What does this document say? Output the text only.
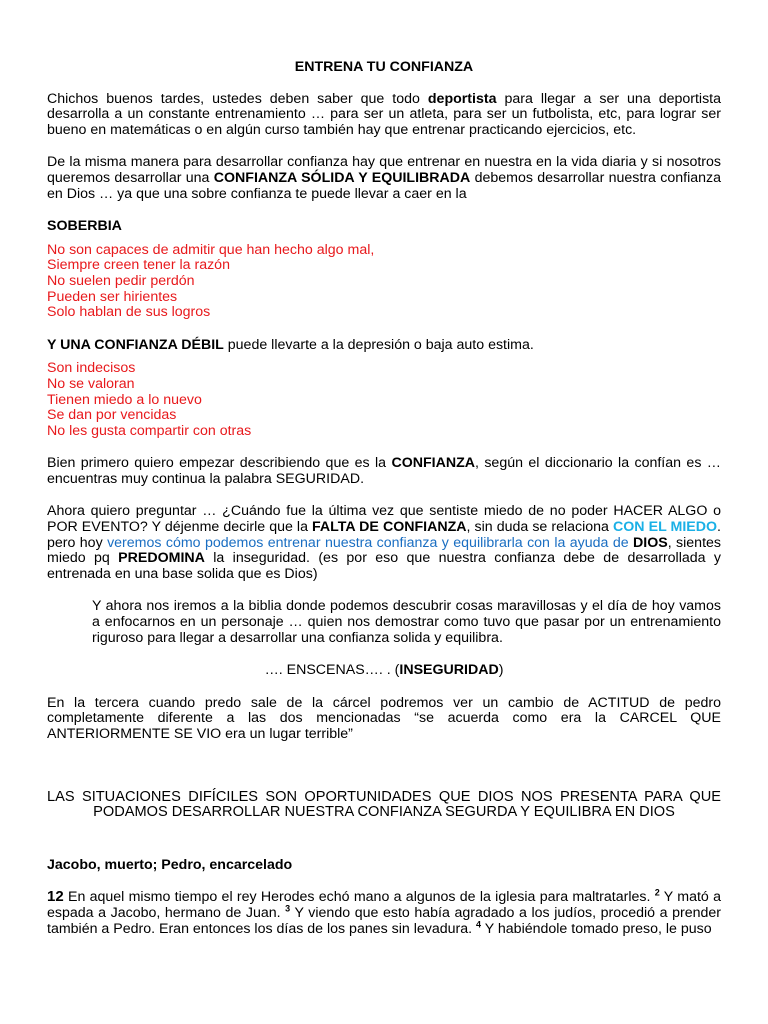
ENTRENA TU CONFIANZA

Chichos buenos tardes, ustedes deben saber que todo deportista para llegar a ser una deportista desarrolla a un constante entrenamiento … para ser un atleta, para ser un futbolista, etc, para lograr ser bueno en matemáticas o en algún curso también hay que entrenar practicando ejercicios, etc.

De la misma manera para desarrollar confianza hay que entrenar en nuestra en la vida diaria y si nosotros queremos desarrollar una CONFIANZA SÓLIDA Y EQUILIBRADA debemos desarrollar nuestra confianza en Dios … ya que una sobre confianza te puede llevar a caer en la

SOBERBIA
No son capaces de admitir que han hecho algo mal,
Siempre creen tener la razón
No suelen pedir perdón
Pueden ser hirientes
Solo hablan de sus logros

Y UNA CONFIANZA DÉBIL puede llevarte a la depresión o baja auto estima.

Son indecisos
No se valoran
Tienen miedo a lo nuevo
Se dan por vencidas
No les gusta compartir con otras

Bien primero quiero empezar describiendo que es la CONFIANZA, según el diccionario la confían es … encuentras muy continua la palabra SEGURIDAD.

Ahora quiero preguntar … ¿Cuándo fue la última vez que sentiste miedo de no poder HACER ALGO o POR EVENTO? Y déjenme decirle que la FALTA DE CONFIANZA, sin duda se relaciona CON EL MIEDO. pero hoy veremos cómo podemos entrenar nuestra confianza y equilibrarla con la ayuda de DIOS, sientes miedo pq PREDOMINA la inseguridad. (es por eso que nuestra confianza debe de desarrollada y entrenada en una base solida que es Dios)

Y ahora nos iremos a la biblia donde podemos descubrir cosas maravillosas y el día de hoy vamos a enfocarnos en un personaje … quien nos demostrar como tuvo que pasar por un entrenamiento riguroso para llegar a desarrollar una confianza solida y equilibra.

…. ENSCENAS…. . (INSEGURIDAD)

En la tercera cuando predo sale de la cárcel podremos ver un cambio de ACTITUD de pedro completamente diferente a las dos mencionadas “se acuerda como era la CARCEL QUE ANTERIORMENTE SE VIO era un lugar terrible”

LAS SITUACIONES DIFÍCILES SON OPORTUNIDADES QUE DIOS NOS PRESENTA PARA QUE PODAMOS DESARROLLAR NUESTRA CONFIANZA SEGURDA Y EQUILIBRA EN DIOS

Jacobo, muerto; Pedro, encarcelado

12 En aquel mismo tiempo el rey Herodes echó mano a algunos de la iglesia para maltratarles. $^2$ Y mató a espada a Jacobo, hermano de Juan. $^3$ Y viendo que esto había agradado a los judíos, procedió a prender también a Pedro. Eran entonces los días de los panes sin levadura. $^4$ Y habiéndole tomado preso, le puso
